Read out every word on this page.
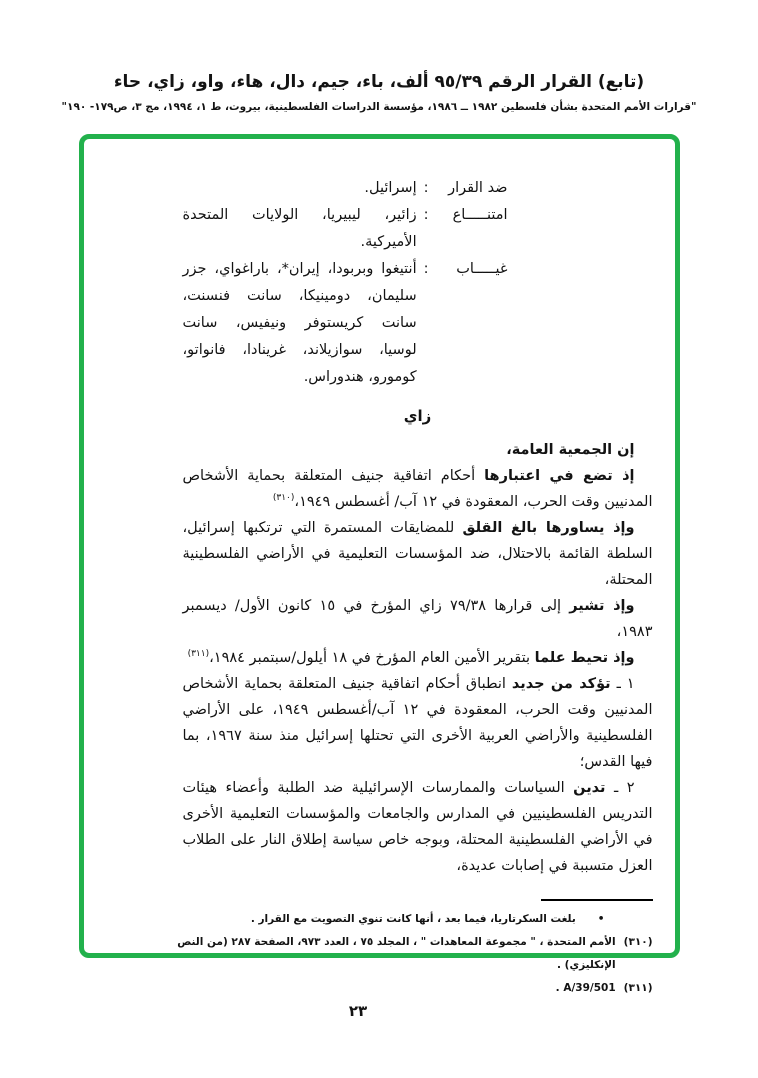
(تابع) القرار الرقم ٩٥/٣٩ ألف، باء، جيم، دال، هاء، واو، زاي، حاء
"قرارات الأمم المتحدة بشأن فلسطين ١٩٨٢ ــ ١٩٨٦، مؤسسة الدراسات الفلسطينية، بيروت، ط ١، ١٩٩٤، مج ٣، ص١٧٩- ١٩٠"
ضد القرار
:
إسرائيل.
امتنـــــاع
:
زائير، ليبيريا، الولايات المتحدة الأميركية.
غيـــــاب
:
أنتيغوا وبربودا، إيران*، باراغواي، جزر سليمان، دومينيكا، سانت فنسنت، سانت كريستوفر ونيفيس، سانت لوسيا، سوازيلاند، غرينادا، فانواتو، كومورو، هندوراس.
زاي

إن الجمعية العامة،

إذ تضع في اعتبارها أحكام اتفاقية جنيف المتعلقة بحماية الأشخاص المدنيين وقت الحرب، المعقودة في ١٢ آب/ أغسطس ١٩٤٩،$^{(٣١٠)}$

وإذ يساورها بالغ القلق للمضايقات المستمرة التي ترتكبها إسرائيل، السلطة القائمة بالاحتلال، ضد المؤسسات التعليمية في الأراضي الفلسطينية المحتلة،

وإذ تشير إلى قرارها ٧٩/٣٨ زاي المؤرخ في ١٥ كانون الأول/ ديسمبر ١٩٨٣،

وإذ تحيط علما بتقرير الأمين العام المؤرخ في ١٨ أيلول/سبتمبر ١٩٨٤،$^{(٣١١)}$

١ ـ تؤكد من جديد انطباق أحكام اتفاقية جنيف المتعلقة بحماية الأشخاص المدنيين وقت الحرب، المعقودة في ١٢ آب/أغسطس ١٩٤٩، على الأراضي الفلسطينية والأراضي العربية الأخرى التي تحتلها إسرائيل منذ سنة ١٩٦٧، بما فيها القدس؛

٢ ـ تدين السياسات والممارسات الإسرائيلية ضد الطلبة وأعضاء هيئات التدريس الفلسطينيين في المدارس والجامعات والمؤسسات التعليمية الأخرى في الأراضي الفلسطينية المحتلة، وبوجه خاص سياسة إطلاق النار على الطلاب العزل متسببة في إصابات عديدة،

•
بلغت السكرتاريا، فيما بعد ، أنها كانت تنوي التصويت مع القرار .
(٣١٠)
الأمم المتحدة ، " مجموعة المعاهدات " ، المجلد ٧٥ ، العدد ٩٧٣، الصفحة ٢٨٧ (من النص الإنكليزي) .
(٣١١)
A/39/501 .
٢٣
